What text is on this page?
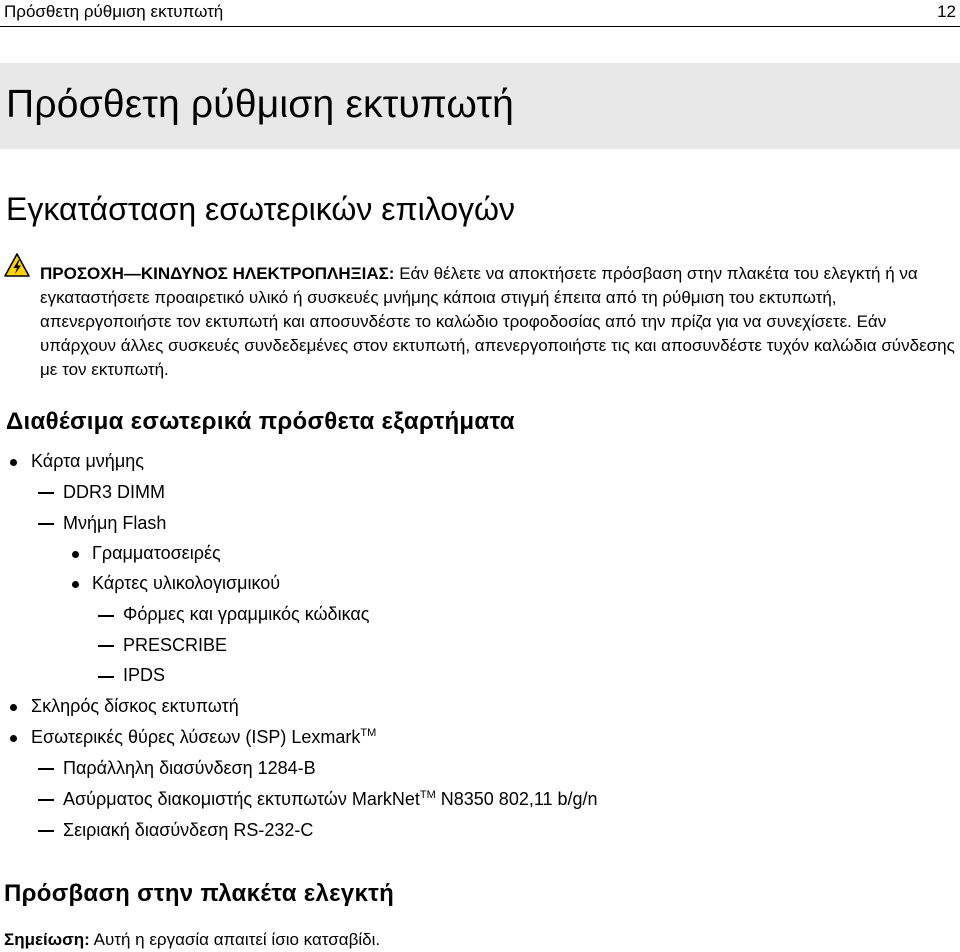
Πρόσθετη ρύθμιση εκτυπωτή	12
Πρόσθετη ρύθμιση εκτυπωτή
Εγκατάσταση εσωτερικών επιλογών

ΠΡΟΣΟΧΗ—ΚΙΝΔΥΝΟΣ ΗΛΕΚΤΡΟΠΛΗΞΙΑΣ: Εάν θέλετε να αποκτήσετε πρόσβαση στην πλακέτα του ελεγκτή ή να εγκαταστήσετε προαιρετικό υλικό ή συσκευές μνήμης κάποια στιγμή έπειτα από τη ρύθμιση του εκτυπωτή, απενεργοποιήστε τον εκτυπωτή και αποσυνδέστε το καλώδιο τροφοδοσίας από την πρίζα για να συνεχίσετε. Εάν υπάρχουν άλλες συσκευές συνδεδεμένες στον εκτυπωτή, απενεργοποιήστε τις και αποσυνδέστε τυχόν καλώδια σύνδεσης με τον εκτυπωτή.

Διαθέσιμα εσωτερικά πρόσθετα εξαρτήματα
Κάρτα μνήμης
DDR3 DIMM
Μνήμη Flash
Γραμματοσειρές
Κάρτες υλικολογισμικού
Φόρμες και γραμμικός κώδικας
PRESCRIBE
IPDS
Σκληρός δίσκος εκτυπωτή
Εσωτερικές θύρες λύσεων (ISP) Lexmark™
Παράλληλη διασύνδεση 1284‑B
Ασύρματος διακομιστής εκτυπωτών MarkNet™ N8350 802,11 b/g/n
Σειριακή διασύνδεση RS‑232‑C
Πρόσβαση στην πλακέτα ελεγκτή
Σημείωση: Αυτή η εργασία απαιτεί ίσιο κατσαβίδι.
